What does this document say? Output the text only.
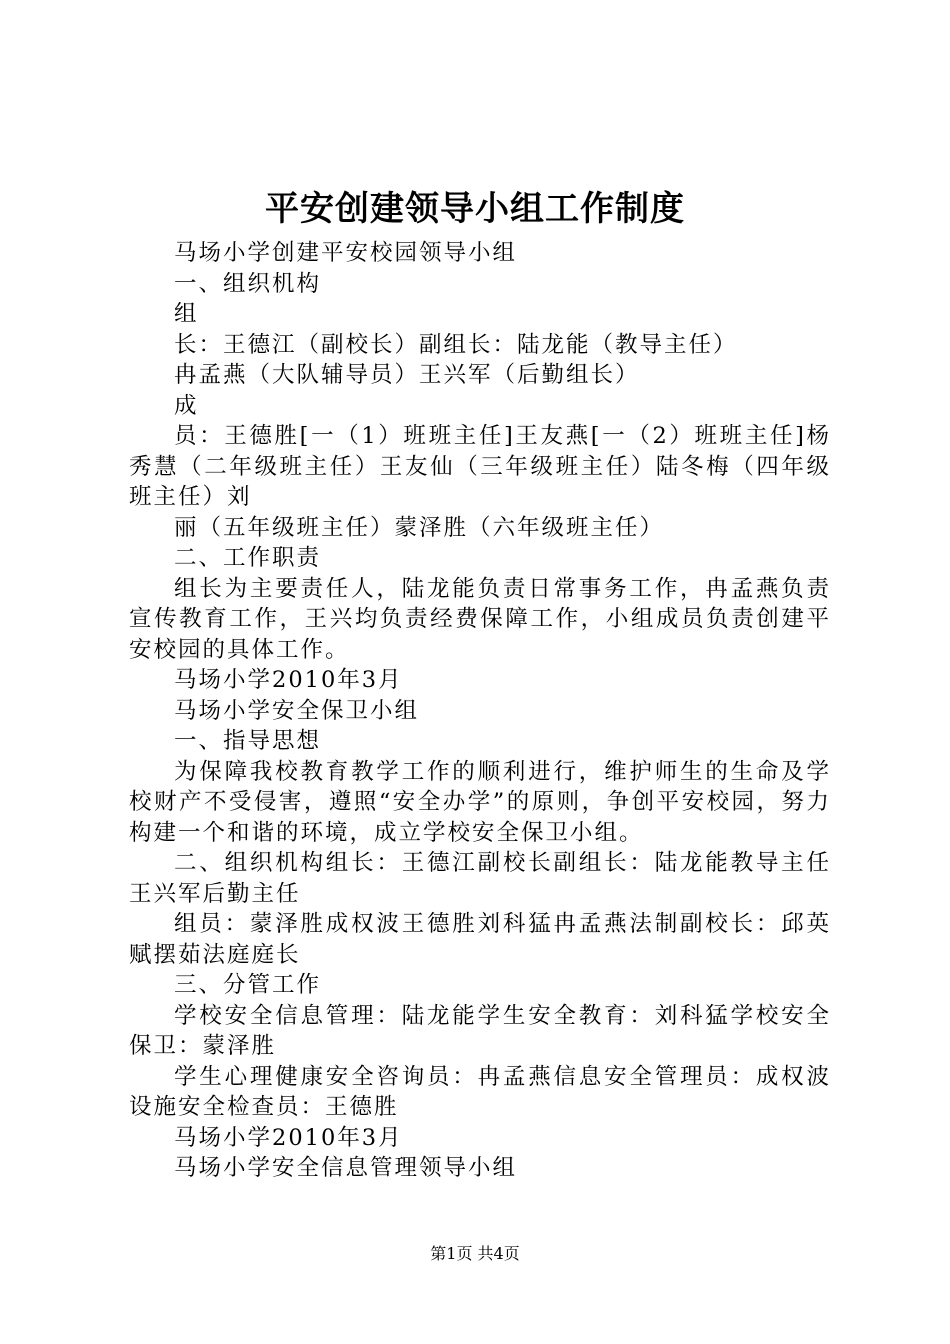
平安创建领导小组工作制度

马场小学创建平安校园领导小组

一、组织机构

组

长：王德江（副校长）副组长：陆龙能（教导主任）

冉孟燕（大队辅导员）王兴军（后勤组长）

成

员：王德胜[一（1）班班主任]王友燕[一（2）班班主任]杨秀慧（二年级班主任）王友仙（三年级班主任）陆冬梅（四年级班主任）刘

丽（五年级班主任）蒙泽胜（六年级班主任）

二、工作职责

组长为主要责任人，陆龙能负责日常事务工作，冉孟燕负责宣传教育工作，王兴均负责经费保障工作，小组成员负责创建平安校园的具体工作。

马场小学2010年3月

马场小学安全保卫小组

一、指导思想

为保障我校教育教学工作的顺利进行，维护师生的生命及学校财产不受侵害，遵照“安全办学”的原则，争创平安校园，努力构建一个和谐的环境，成立学校安全保卫小组。

二、组织机构组长：王德江副校长副组长：陆龙能教导主任王兴军后勤主任

组员：蒙泽胜成权波王德胜刘科猛冉孟燕法制副校长：邱英赋摆茹法庭庭长

三、分管工作

学校安全信息管理：陆龙能学生安全教育：刘科猛学校安全保卫：蒙泽胜

学生心理健康安全咨询员：冉孟燕信息安全管理员：成权波设施安全检查员：王德胜

马场小学2010年3月

马场小学安全信息管理领导小组

第1页 共4页
